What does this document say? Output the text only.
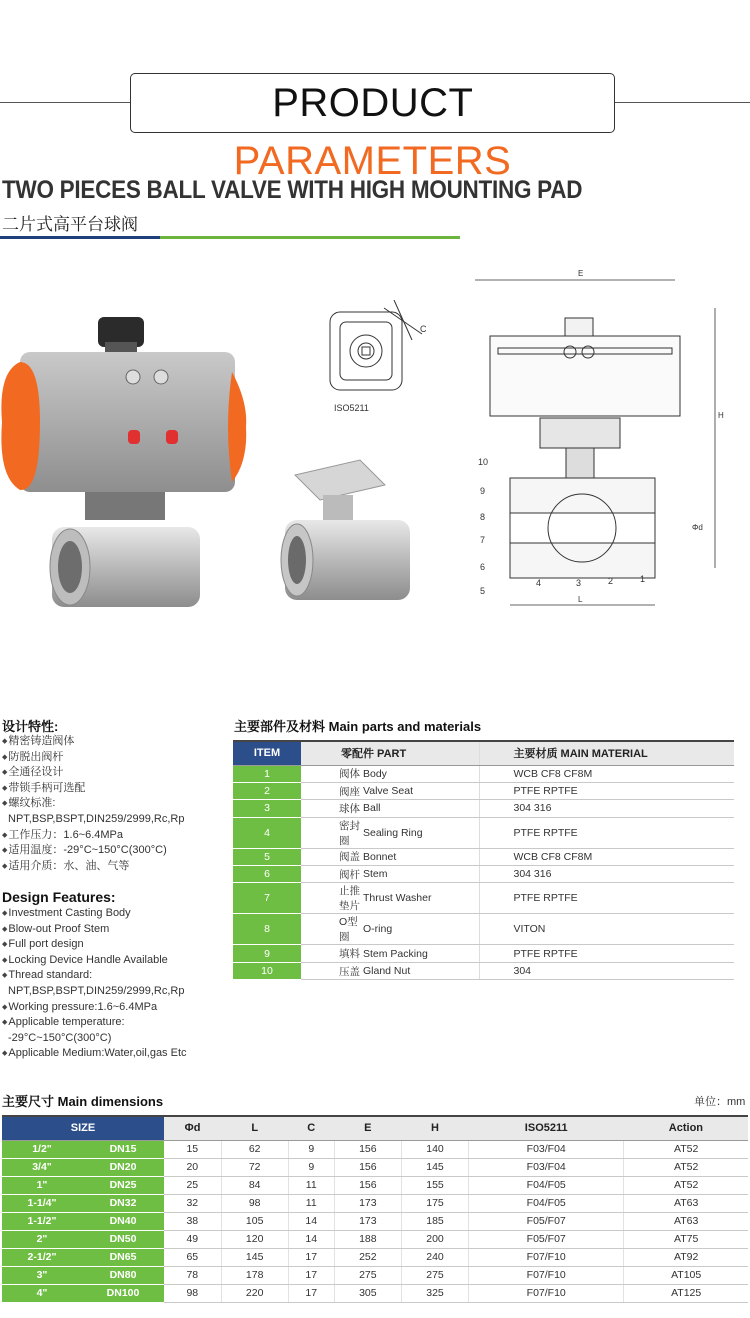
PRODUCT PARAMETERS
TWO PIECES BALL VALVE WITH HIGH MOUNTING PAD
二片式高平台球阀
C
ISO5211
E
H
Φd
L
10
9
8
7
6
5
4	3	2	1
设计特性:
◆ 精密铸造阀体
◆ 防脱出阀杆
◆ 全通径设计
◆ 带锁手柄可选配
◆ 螺纹标准:
NPT,BSP,BSPT,DIN259/2999,Rc,Rp
◆ 工作压力：1.6~6.4MPa
◆ 适用温度：-29°C~150°C(300°C)
◆ 适用介质：水、油、气等
Design Features:
◆ Investment Casting Body
◆ Blow-out Proof Stem
◆ Full port design
◆ Locking Device Handle Available
◆ Thread standard:
NPT,BSP,BSPT,DIN259/2999,Rc,Rp
◆ Working pressure:1.6~6.4MPa
◆ Applicable temperature:
-29°C~150°C(300°C)
◆ Applicable Medium:Water,oil,gas Etc
主要部件及材料 Main parts and materials
ITEM	零配件 PART		主要材质 MAIN MATERIAL
1	阀体	Body	WCB CF8 CF8M
2	阀座	Valve Seat	PTFE RPTFE
3	球体	Ball	304 316
4	密封圈	Sealing Ring	PTFE RPTFE
5	阀盖	Bonnet	WCB CF8 CF8M
6	阀杆	Stem	304 316
7	止推垫片	Thrust Washer	PTFE RPTFE
8	O型圈	O-ring	VITON
9	填料	Stem Packing	PTFE RPTFE
10	压盖	Gland Nut	304
主要尺寸 Main dimensions	单位：mm
SIZE		Φd	L	C	E	H	ISO5211	Action
1/2"	DN15	15	62	9	156	140	F03/F04	AT52
3/4"	DN20	20	72	9	156	145	F03/F04	AT52
1"	DN25	25	84	11	156	155	F04/F05	AT52
1-1/4"	DN32	32	98	11	173	175	F04/F05	AT63
1-1/2"	DN40	38	105	14	173	185	F05/F07	AT63
2"	DN50	49	120	14	188	200	F05/F07	AT75
2-1/2"	DN65	65	145	17	252	240	F07/F10	AT92
3"	DN80	78	178	17	275	275	F07/F10	AT105
4"	DN100	98	220	17	305	325	F07/F10	AT125
